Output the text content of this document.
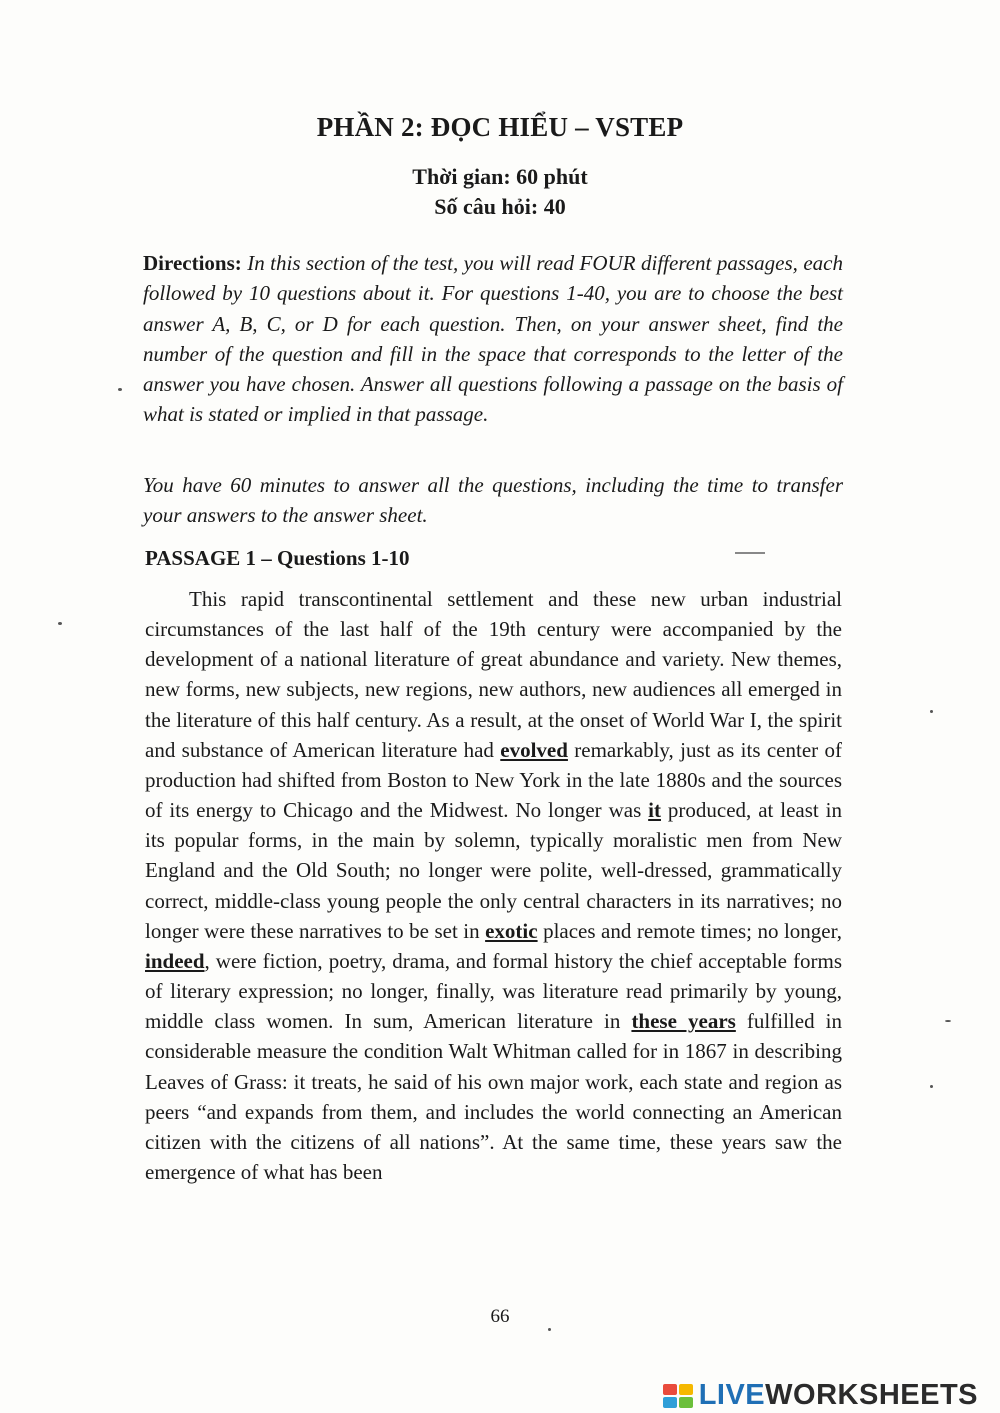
PHẦN 2: ĐỌC HIỂU – VSTEP
Thời gian: 60 phút
Số câu hỏi: 40
Directions: In this section of the test, you will read FOUR different passages, each followed by 10 questions about it. For questions 1-40, you are to choose the best answer A, B, C, or D for each question. Then, on your answer sheet, find the number of the question and fill in the space that corresponds to the letter of the answer you have chosen. Answer all questions following a passage on the basis of what is stated or implied in that passage.
You have 60 minutes to answer all the questions, including the time to transfer your answers to the answer sheet.
PASSAGE 1 – Questions 1-10

This rapid transcontinental settlement and these new urban industrial circumstances of the last half of the 19th century were accompanied by the development of a national literature of great abundance and variety. New themes, new forms, new subjects, new regions, new authors, new audiences all emerged in the literature of this half century. As a result, at the onset of World War I, the spirit and substance of American literature had evolved remarkably, just as its center of production had shifted from Boston to New York in the late 1880s and the sources of its energy to Chicago and the Midwest. No longer was it produced, at least in its popular forms, in the main by solemn, typically moralistic men from New England and the Old South; no longer were polite, well-dressed, grammatically correct, middle-class young people the only central characters in its narratives; no longer were these narratives to be set in exotic places and remote times; no longer, indeed, were fiction, poetry, drama, and formal history the chief acceptable forms of literary expression; no longer, finally, was literature read primarily by young, middle class women. In sum, American literature in these years fulfilled in considerable measure the condition Walt Whitman called for in 1867 in describing Leaves of Grass: it treats, he said of his own major work, each state and region as peers “and expands from them, and includes the world connecting an American citizen with the citizens of all nations”. At the same time, these years saw the emergence of what has been

66
LIVEWORKSHEETS
